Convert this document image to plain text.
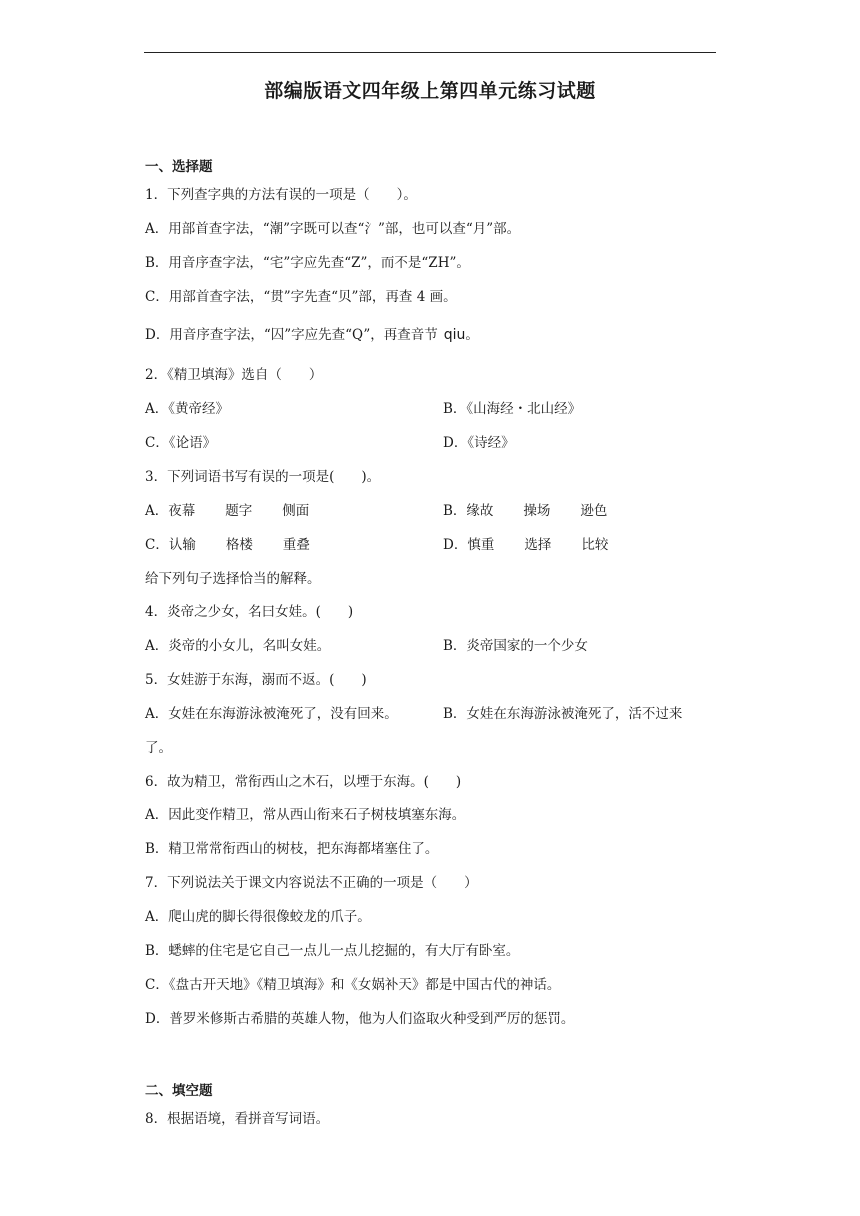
部编版语文四年级上第四单元练习试题
一、选择题
1．下列查字典的方法有误的一项是（　　）。
A．用部首查字法，“潮”字既可以查“氵”部，也可以查“月”部。
B．用音序查字法，“宅”字应先查“Z”，而不是“ZH”。
C．用部首查字法，“贯”字先查“贝”部，再查 4 画。
D．用音序查字法，“囚”字应先查“Q”，再查音节 qiu。
2．《精卫填海》选自（　　）
A．《黄帝经》	B．《山海经・北山经》
C．《论语》	D．《诗经》
3．下列词语书写有误的一项是(　　)。
A．夜幕 题字 侧面	B．缘故 操场 逊色
C．认输 格楼 重叠	D．慎重 选择 比较
给下列句子选择恰当的解释。
4．炎帝之少女，名曰女娃。(　　)
A．炎帝的小女儿，名叫女娃。	B．炎帝国家的一个少女
5．女娃游于东海，溺而不返。(　　)
A．女娃在东海游泳被淹死了，没有回来。	B．女娃在东海游泳被淹死了，活不过来
了。
6．故为精卫，常衔西山之木石，以堙于东海。(　　)
A．因此变作精卫，常从西山衔来石子树枝填塞东海。
B．精卫常常衔西山的树枝，把东海都堵塞住了。
7．下列说法关于课文内容说法不正确的一项是（　　）
A．爬山虎的脚长得很像蛟龙的爪子。
B．蟋蟀的住宅是它自己一点儿一点儿挖掘的，有大厅有卧室。
C．《盘古开天地》《精卫填海》和《女娲补天》都是中国古代的神话。
D．普罗米修斯古希腊的英雄人物，他为人们盗取火种受到严厉的惩罚。
二、填空题
8．根据语境，看拼音写词语。
